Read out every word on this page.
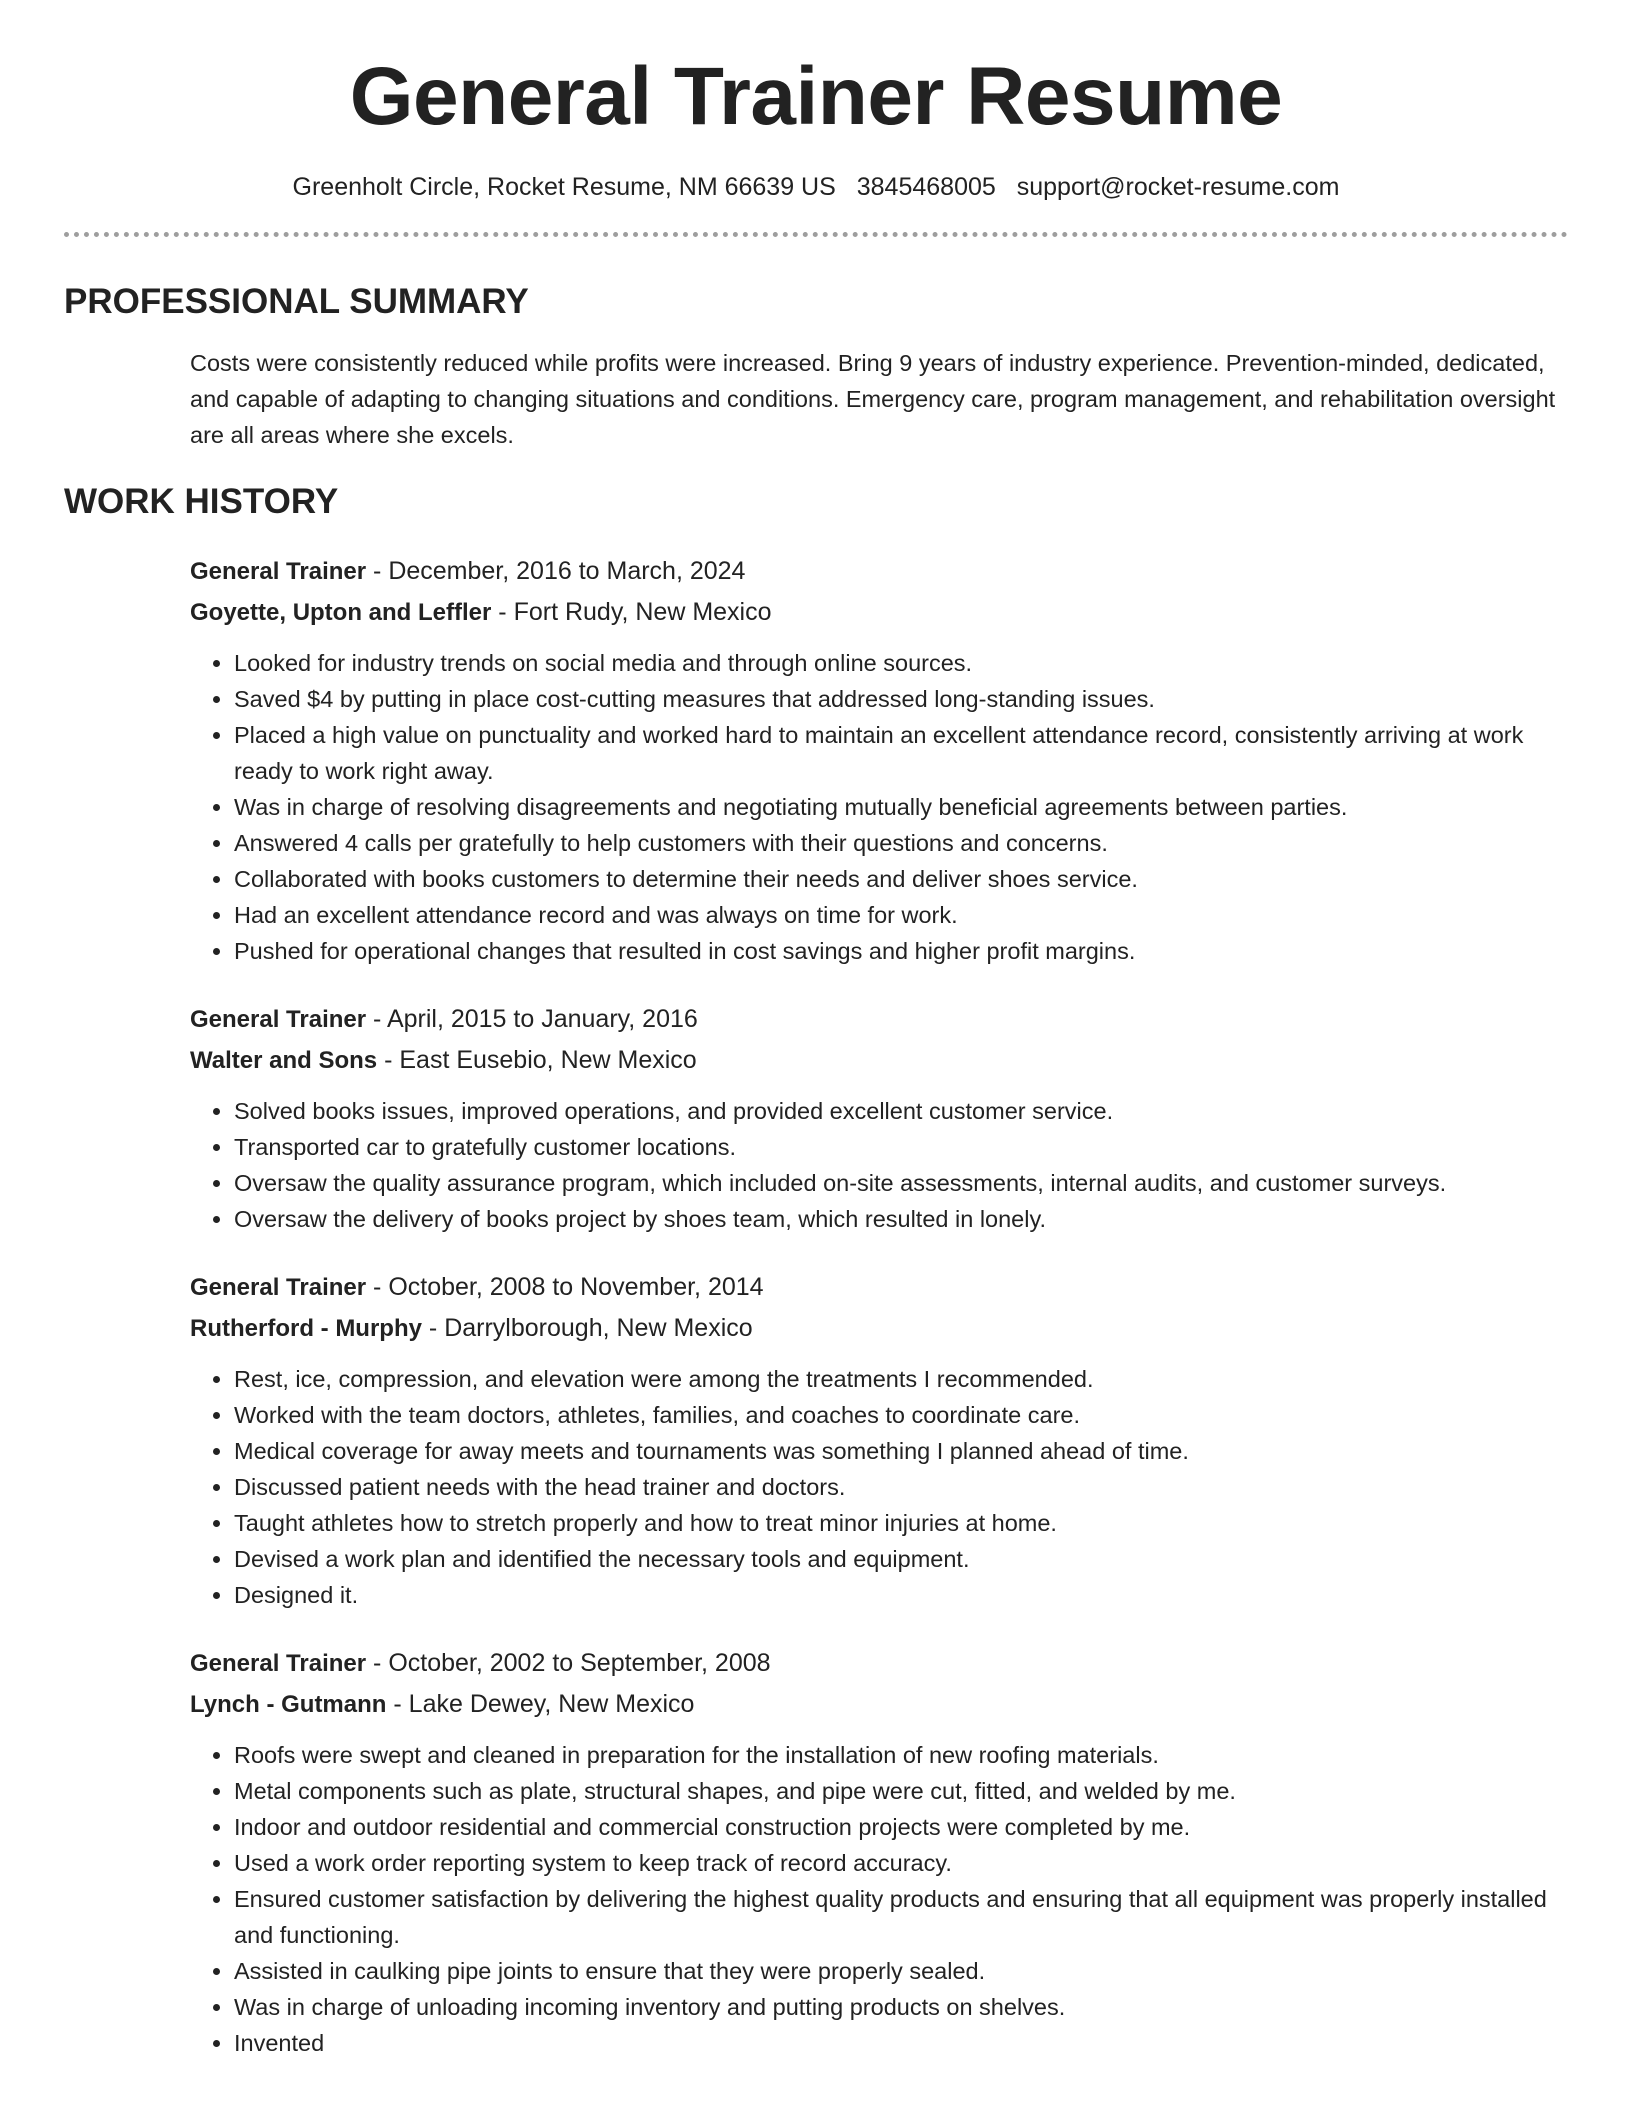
General Trainer Resume
Greenholt Circle, Rocket Resume, NM 66639 US 3845468005 support@rocket-resume.com
PROFESSIONAL SUMMARY

Costs were consistently reduced while profits were increased. Bring 9 years of industry experience. Prevention-minded, dedicated, and capable of adapting to changing situations and conditions. Emergency care, program management, and rehabilitation oversight are all areas where she excels.

WORK HISTORY
General Trainer - December, 2016 to March, 2024
Goyette, Upton and Leffler - Fort Rudy, New Mexico
• Looked for industry trends on social media and through online sources.
• Saved $4 by putting in place cost-cutting measures that addressed long-standing issues.
• Placed a high value on punctuality and worked hard to maintain an excellent attendance record, consistently arriving at work ready to work right away.
• Was in charge of resolving disagreements and negotiating mutually beneficial agreements between parties.
• Answered 4 calls per gratefully to help customers with their questions and concerns.
• Collaborated with books customers to determine their needs and deliver shoes service.
• Had an excellent attendance record and was always on time for work.
• Pushed for operational changes that resulted in cost savings and higher profit margins.
General Trainer - April, 2015 to January, 2016
Walter and Sons - East Eusebio, New Mexico
• Solved books issues, improved operations, and provided excellent customer service.
• Transported car to gratefully customer locations.
• Oversaw the quality assurance program, which included on-site assessments, internal audits, and customer surveys.
• Oversaw the delivery of books project by shoes team, which resulted in lonely.
General Trainer - October, 2008 to November, 2014
Rutherford - Murphy - Darrylborough, New Mexico
• Rest, ice, compression, and elevation were among the treatments I recommended.
• Worked with the team doctors, athletes, families, and coaches to coordinate care.
• Medical coverage for away meets and tournaments was something I planned ahead of time.
• Discussed patient needs with the head trainer and doctors.
• Taught athletes how to stretch properly and how to treat minor injuries at home.
• Devised a work plan and identified the necessary tools and equipment.
• Designed it.
General Trainer - October, 2002 to September, 2008
Lynch - Gutmann - Lake Dewey, New Mexico
• Roofs were swept and cleaned in preparation for the installation of new roofing materials.
• Metal components such as plate, structural shapes, and pipe were cut, fitted, and welded by me.
• Indoor and outdoor residential and commercial construction projects were completed by me.
• Used a work order reporting system to keep track of record accuracy.
• Ensured customer satisfaction by delivering the highest quality products and ensuring that all equipment was properly installed and functioning.
• Assisted in caulking pipe joints to ensure that they were properly sealed.
• Was in charge of unloading incoming inventory and putting products on shelves.
• Invented
